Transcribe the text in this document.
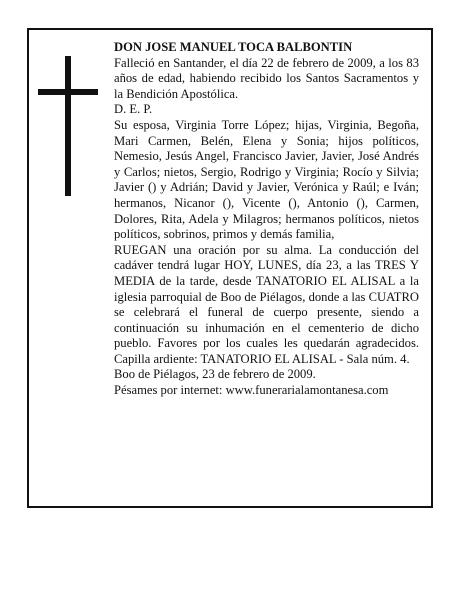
DON JOSE MANUEL TOCA BALBONTIN

Falleció en Santander, el día 22 de febrero de 2009, a los 83 años de edad, habiendo recibido los Santos Sacramentos y la Bendición Apostólica.

D. E. P.

Su esposa, Virginia Torre López; hijas, Virginia, Begoña, Mari Carmen, Belén, Elena y Sonia; hijos políticos, Nemesio, Jesús Angel, Francisco Javier, Javier, José Andrés y Carlos; nietos, Sergio, Rodrigo y Virginia; Rocío y Silvia; Javier () y Adrián; David y Javier, Verónica y Raúl; e Iván; hermanos, Nicanor (), Vicente (), Antonio (), Carmen, Dolores, Rita, Adela y Milagros; hermanos políticos, nietos políticos, sobrinos, primos y demás familia,

RUEGAN una oración por su alma. La conducción del cadáver tendrá lugar HOY, LUNES, día 23, a las TRES Y MEDIA de la tarde, desde TANATORIO EL ALISAL a la iglesia parroquial de Boo de Piélagos, donde a las CUATRO se celebrará el funeral de cuerpo presente, siendo a continuación su inhumación en el cementerio de dicho pueblo. Favores por los cuales les quedarán agradecidos. Capilla ardiente: TANATORIO EL ALISAL - Sala núm. 4.

Boo de Piélagos, 23 de febrero de 2009.

Pésames por internet: www.funerarialamontanesa.com
